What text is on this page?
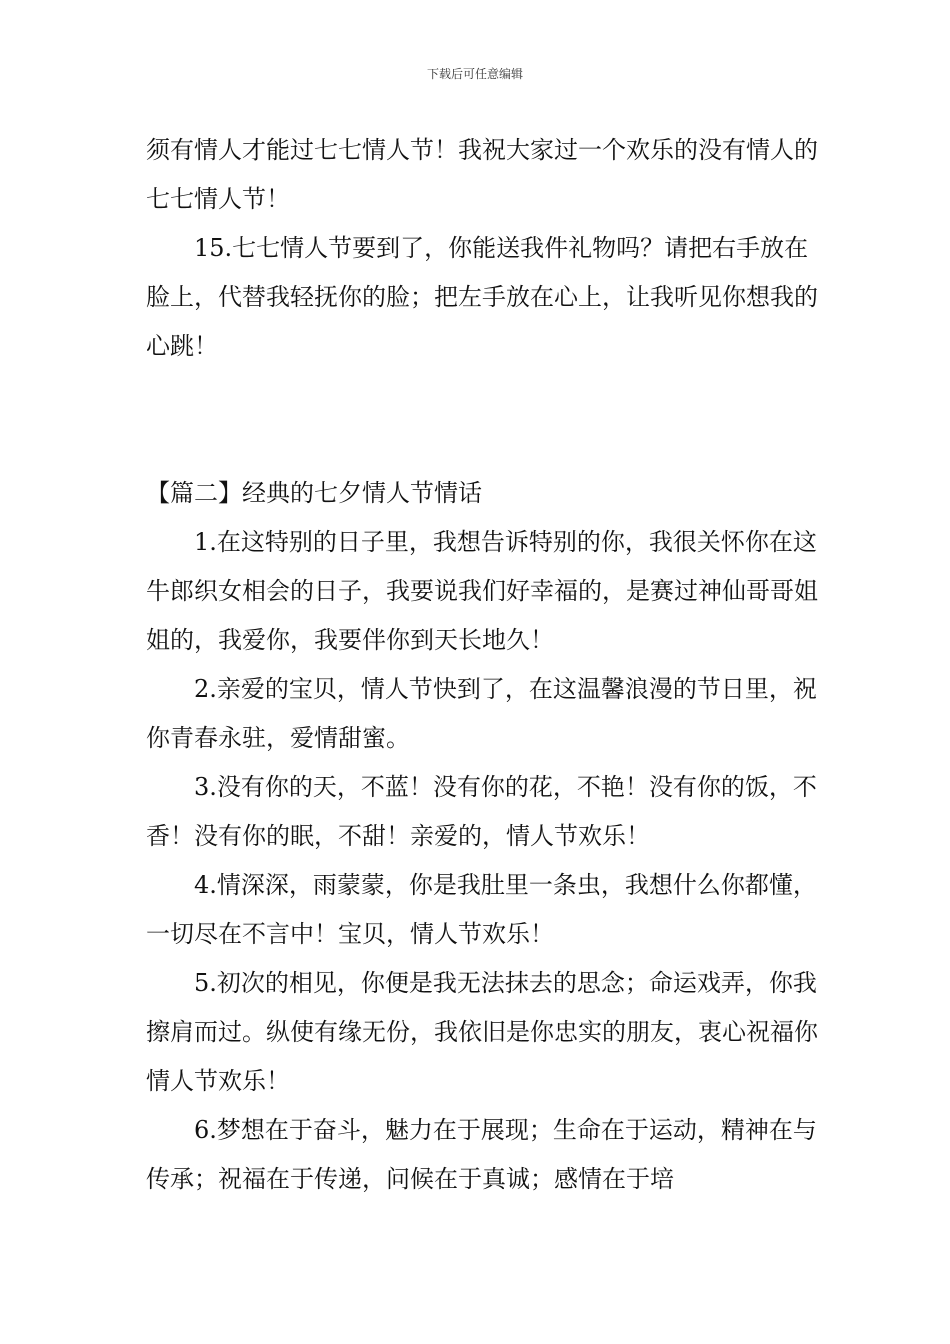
下载后可任意编辑

须有情人才能过七七情人节！我祝大家过一个欢乐的没有情人的七七情人节！

15.七七情人节要到了，你能送我件礼物吗？请把右手放在脸上，代替我轻抚你的脸；把左手放在心上，让我听见你想我的心跳！

【篇二】经典的七夕情人节情话

1.在这特别的日子里，我想告诉特别的你，我很关怀你在这牛郎织女相会的日子，我要说我们好幸福的，是赛过神仙哥哥姐姐的，我爱你，我要伴你到天长地久！

2.亲爱的宝贝，情人节快到了，在这温馨浪漫的节日里，祝你青春永驻，爱情甜蜜。

3.没有你的天，不蓝！没有你的花，不艳！没有你的饭，不香！没有你的眠，不甜！亲爱的，情人节欢乐！

4.情深深，雨蒙蒙，你是我肚里一条虫，我想什么你都懂，一切尽在不言中！宝贝，情人节欢乐！

5.初次的相见，你便是我无法抹去的思念；命运戏弄，你我擦肩而过。纵使有缘无份，我依旧是你忠实的朋友，衷心祝福你情人节欢乐！

6.梦想在于奋斗，魅力在于展现；生命在于运动，精神在与传承；祝福在于传递，问候在于真诚；感情在于培
